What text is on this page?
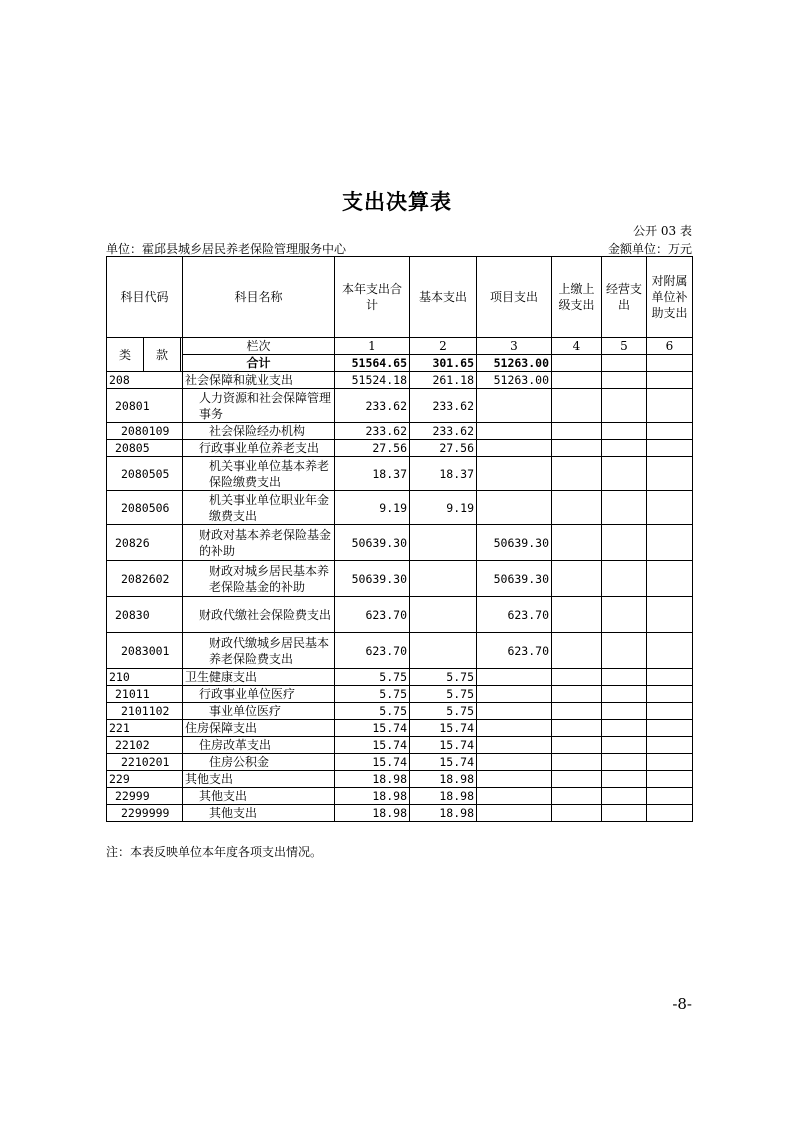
支出决算表
公开 03 表
单位：霍邱县城乡居民养老保险管理服务中心	金额单位：万元
科目代码			科目名称	本年支出合计	基本支出	项目支出	上缴上级支出	经营支出	对附属单位补助支出
类	款		栏次	1	2	3	4	5	6
			合计	51564.65	301.65	51263.00			
208			社会保障和就业支出	51524.18	261.18	51263.00			
20801			人力资源和社会保障管理事务	233.62	233.62				
2080109			社会保险经办机构	233.62	233.62				
20805			行政事业单位养老支出	27.56	27.56				
2080505			机关事业单位基本养老保险缴费支出	18.37	18.37				
2080506			机关事业单位职业年金缴费支出	9.19	9.19				
20826			财政对基本养老保险基金的补助	50639.30		50639.30			
2082602			财政对城乡居民基本养老保险基金的补助	50639.30		50639.30			
20830			财政代缴社会保险费支出	623.70		623.70			
2083001			财政代缴城乡居民基本养老保险费支出	623.70		623.70			
210			卫生健康支出	5.75	5.75				
21011			行政事业单位医疗	5.75	5.75				
2101102			事业单位医疗	5.75	5.75				
221			住房保障支出	15.74	15.74				
22102			住房改革支出	15.74	15.74				
2210201			住房公积金	15.74	15.74				
229			其他支出	18.98	18.98				
22999			其他支出	18.98	18.98				
2299999			其他支出	18.98	18.98				
注：本表反映单位本年度各项支出情况。
-8-
